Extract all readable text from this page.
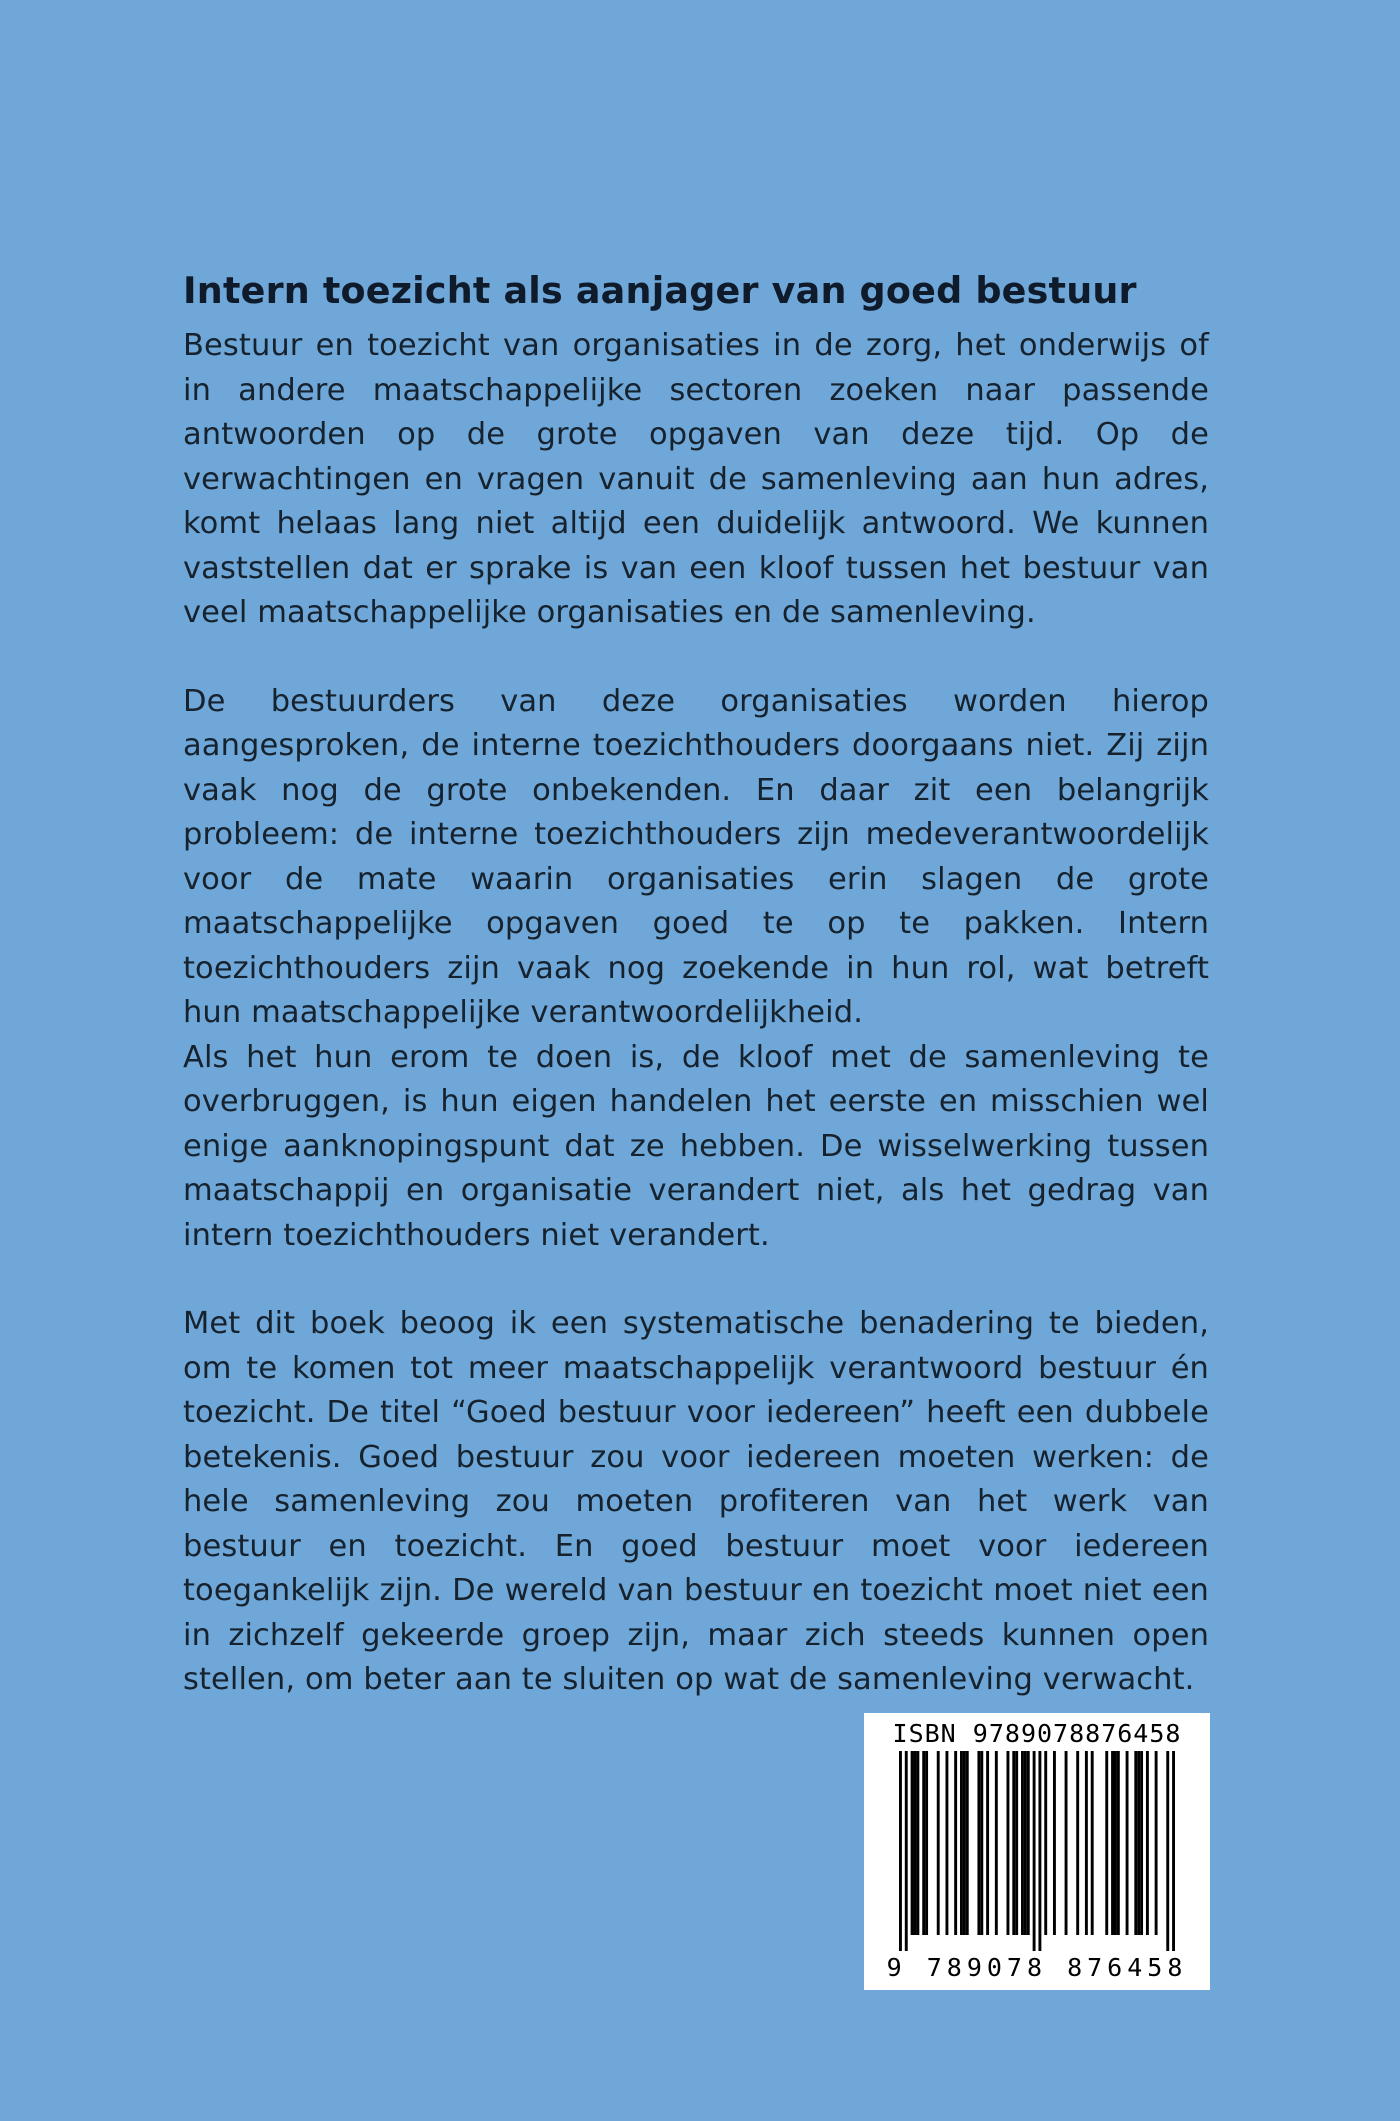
Intern toezicht als aanjager van goed bestuur

Bestuur en toezicht van organisaties in de zorg, het onderwijs of in andere maatschappelijke sectoren zoeken naar passende antwoorden op de grote opgaven van deze tijd. Op de verwachtingen en vragen vanuit de samenleving aan hun adres, komt helaas lang niet altijd een duidelijk antwoord. We kunnen vaststellen dat er sprake is van een kloof tussen het bestuur van veel maatschappelijke organisaties en de samenleving.

De bestuurders van deze organisaties worden hierop aangesproken, de interne toezichthouders doorgaans niet. Zij zijn vaak nog de grote onbekenden. En daar zit een belangrijk probleem: de interne toezichthouders zijn medeverantwoordelijk voor de mate waarin organisaties erin slagen de grote maatschappelijke opgaven goed te op te pakken. Intern toezichthouders zijn vaak nog zoekende in hun rol, wat betreft hun maatschappelijke verantwoordelijkheid.

Als het hun erom te doen is, de kloof met de samenleving te overbruggen, is hun eigen handelen het eerste en misschien wel enige aanknopingspunt dat ze hebben. De wisselwerking tussen maatschappij en organisatie verandert niet, als het gedrag van intern toezichthouders niet verandert.

Met dit boek beoog ik een systematische benadering te bieden, om te komen tot meer maatschappelijk verantwoord bestuur én toezicht. De titel “Goed bestuur voor iedereen” heeft een dubbele betekenis. Goed bestuur zou voor iedereen moeten werken: de hele samenleving zou moeten profiteren van het werk van bestuur en toezicht. En goed bestuur moet voor iedereen toegankelijk zijn. De wereld van bestuur en toezicht moet niet een in zichzelf gekeerde groep zijn, maar zich steeds kunnen open stellen, om beter aan te sluiten op wat de samenleving verwacht.

ISBN 9789078876458
9 789078 876458
